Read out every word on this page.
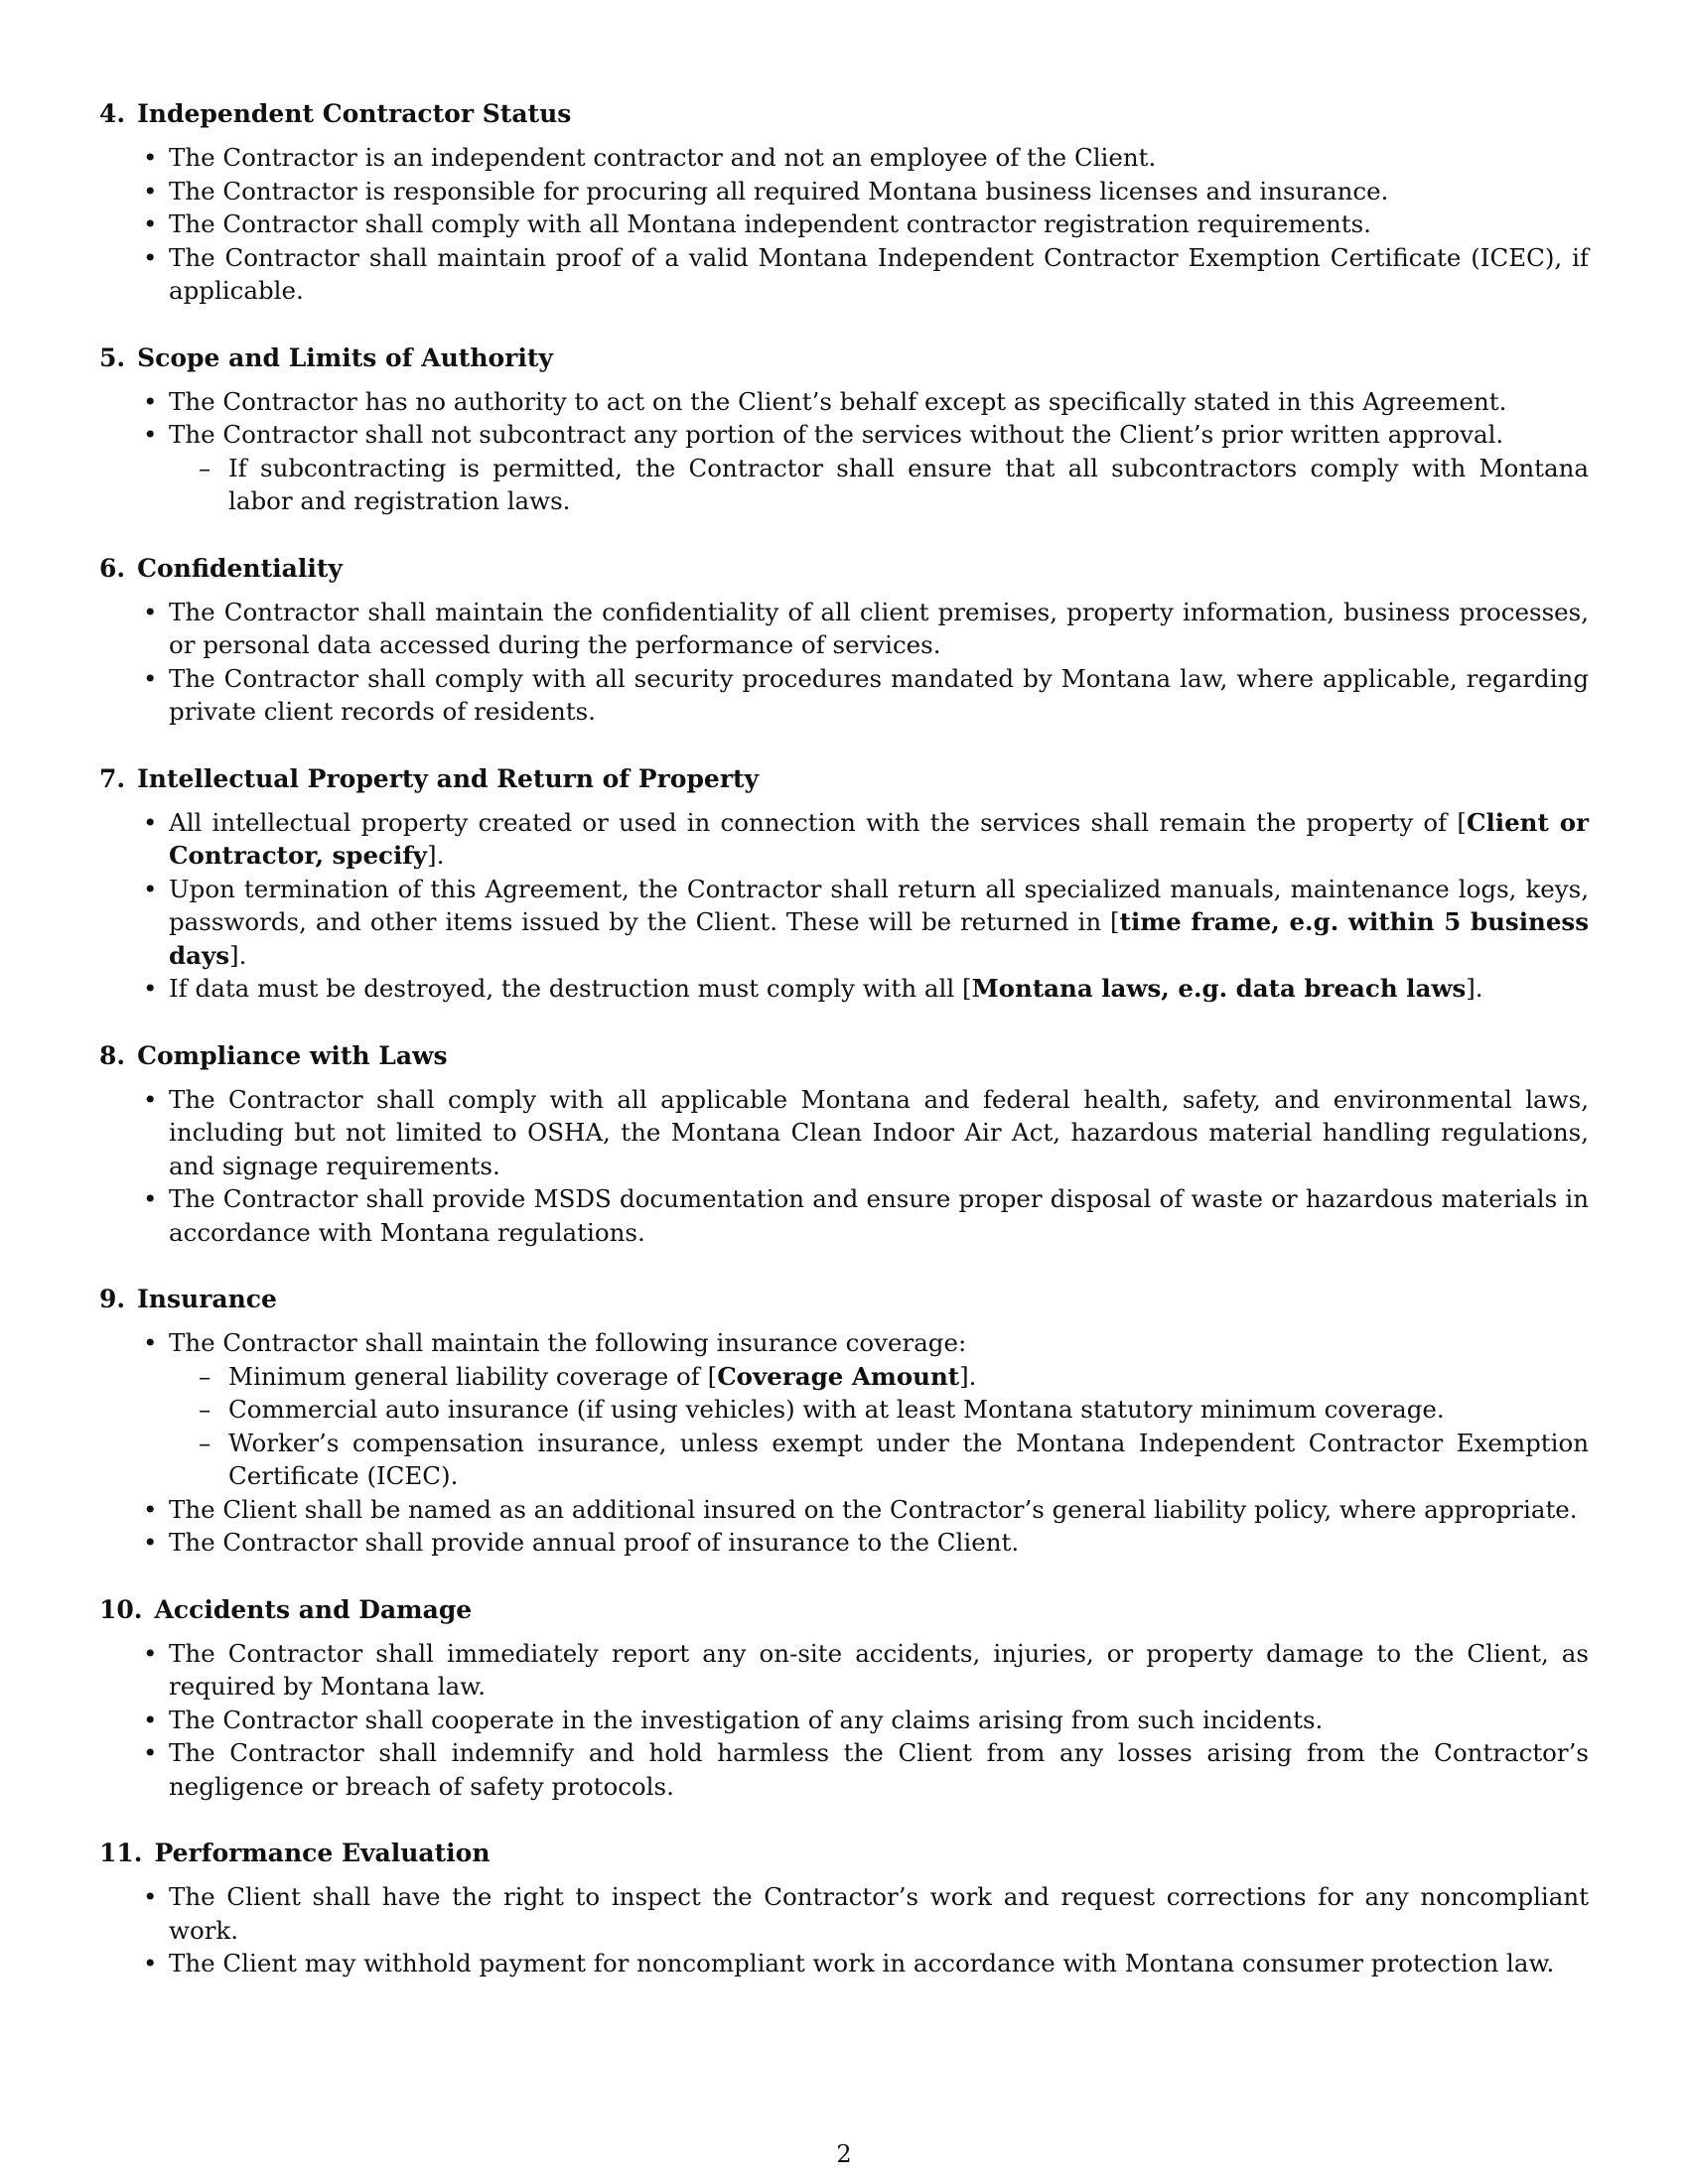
4. Independent Contractor Status
• The Contractor is an independent contractor and not an employee of the Client.
• The Contractor is responsible for procuring all required Montana business licenses and insurance.
• The Contractor shall comply with all Montana independent contractor registration requirements.
• The Contractor shall maintain proof of a valid Montana Independent Contractor Exemption Certificate (ICEC), if applicable.
5. Scope and Limits of Authority
• The Contractor has no authority to act on the Client’s behalf except as specifically stated in this Agreement.
• The Contractor shall not subcontract any portion of the services without the Client’s prior written approval.
– If subcontracting is permitted, the Contractor shall ensure that all subcontractors comply with Montana labor and registration laws.
6. Confidentiality
• The Contractor shall maintain the confidentiality of all client premises, property information, business processes, or personal data accessed during the performance of services.
• The Contractor shall comply with all security procedures mandated by Montana law, where applicable, regarding private client records of residents.
7. Intellectual Property and Return of Property
• All intellectual property created or used in connection with the services shall remain the property of [Client or Contractor, specify].
• Upon termination of this Agreement, the Contractor shall return all specialized manuals, maintenance logs, keys, passwords, and other items issued by the Client. These will be returned in [time frame, e.g. within 5 business days].
• If data must be destroyed, the destruction must comply with all [Montana laws, e.g. data breach laws].
8. Compliance with Laws
• The Contractor shall comply with all applicable Montana and federal health, safety, and environmental laws, including but not limited to OSHA, the Montana Clean Indoor Air Act, hazardous material handling regulations, and signage requirements.
• The Contractor shall provide MSDS documentation and ensure proper disposal of waste or hazardous materials in accordance with Montana regulations.
9. Insurance
• The Contractor shall maintain the following insurance coverage:
– Minimum general liability coverage of [Coverage Amount].
– Commercial auto insurance (if using vehicles) with at least Montana statutory minimum coverage.
– Worker’s compensation insurance, unless exempt under the Montana Independent Contractor Exemption Certificate (ICEC).
• The Client shall be named as an additional insured on the Contractor’s general liability policy, where appropriate.
• The Contractor shall provide annual proof of insurance to the Client.
10. Accidents and Damage
• The Contractor shall immediately report any on-site accidents, injuries, or property damage to the Client, as required by Montana law.
• The Contractor shall cooperate in the investigation of any claims arising from such incidents.
• The Contractor shall indemnify and hold harmless the Client from any losses arising from the Contractor’s negligence or breach of safety protocols.
11. Performance Evaluation
• The Client shall have the right to inspect the Contractor’s work and request corrections for any noncompliant work.
• The Client may withhold payment for noncompliant work in accordance with Montana consumer protection law.
2
